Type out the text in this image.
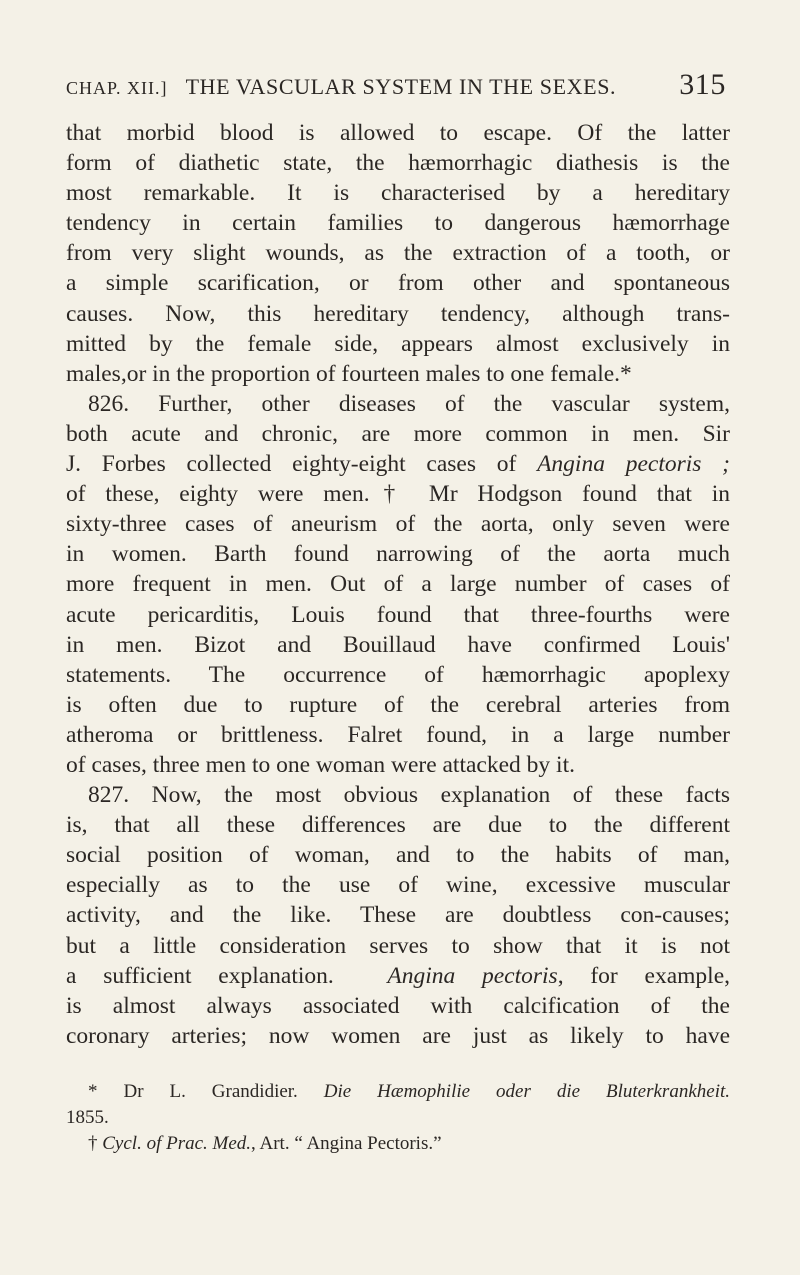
CHAP. XII.] THE VASCULAR SYSTEM IN THE SEXES. 315
that morbid blood is allowed to escape. Of the latter
form of diathetic state, the hæmorrhagic diathesis is the
most remarkable. It is characterised by a hereditary
tendency in certain families to dangerous hæmorrhage
from very slight wounds, as the extraction of a tooth, or
a simple scarification, or from other and spontaneous
causes. Now, this hereditary tendency, although trans-
mitted by the female side, appears almost exclusively in
males,or in the proportion of fourteen males to one female.*
826. Further, other diseases of the vascular system,
both acute and chronic, are more common in men. Sir
J. Forbes collected eighty-eight cases of Angina pectoris ;
of these, eighty were men.† Mr Hodgson found that in
sixty-three cases of aneurism of the aorta, only seven were
in women. Barth found narrowing of the aorta much
more frequent in men. Out of a large number of cases of
acute pericarditis, Louis found that three-fourths were
in men. Bizot and Bouillaud have confirmed Louis'
statements. The occurrence of hæmorrhagic apoplexy
is often due to rupture of the cerebral arteries from
atheroma or brittleness. Falret found, in a large number
of cases, three men to one woman were attacked by it.
827. Now, the most obvious explanation of these facts
is, that all these differences are due to the different
social position of woman, and to the habits of man,
especially as to the use of wine, excessive muscular
activity, and the like. These are doubtless con-causes;
but a little consideration serves to show that it is not
a sufficient explanation. Angina pectoris, for example,
is almost always associated with calcification of the
coronary arteries; now women are just as likely to have
* Dr L. Grandidier. Die Hæmophilie oder die Bluterkrankheit.
1855.
† Cycl. of Prac. Med., Art. “ Angina Pectoris.”
